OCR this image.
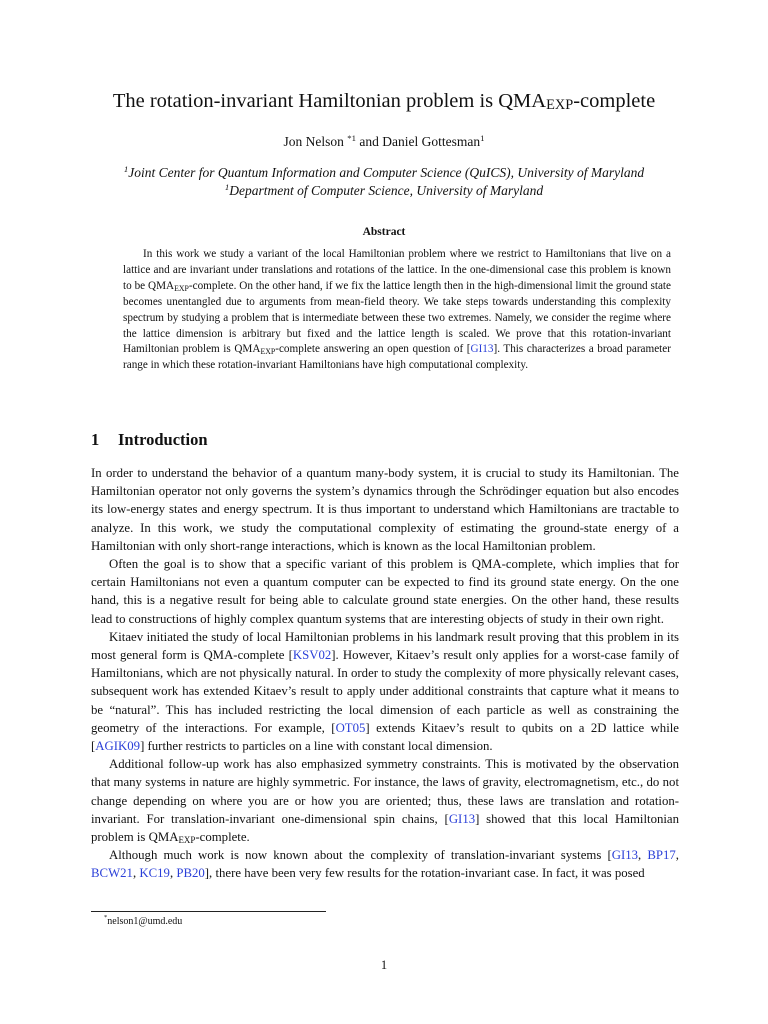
The rotation-invariant Hamiltonian problem is $QMA_{EXP}$-complete
Jon Nelson $^{*1}$ and Daniel Gottesman$^1$
$^1$Joint Center for Quantum Information and Computer Science (QuICS), University of Maryland
$^1$Department of Computer Science, University of Maryland
Abstract

In this work we study a variant of the local Hamiltonian problem where we restrict to Hamiltonians that live on a lattice and are invariant under translations and rotations of the lattice. In the one-dimensional case this problem is known to be $QMA_{EXP}$-complete. On the other hand, if we fix the lattice length then in the high-dimensional limit the ground state becomes unentangled due to arguments from mean-field theory. We take steps towards understanding this complexity spectrum by studying a problem that is intermediate between these two extremes. Namely, we consider the regime where the lattice dimension is arbitrary but fixed and the lattice length is scaled. We prove that this rotation-invariant Hamiltonian problem is $QMA_{EXP}$-complete answering an open question of [GI13]. This characterizes a broad parameter range in which these rotation-invariant Hamiltonians have high computational complexity.

1 Introduction

In order to understand the behavior of a quantum many-body system, it is crucial to study its Hamiltonian. The Hamiltonian operator not only governs the system’s dynamics through the Schrödinger equation but also encodes its low-energy states and energy spectrum. It is thus important to understand which Hamiltonians are tractable to analyze. In this work, we study the computational complexity of estimating the ground-state energy of a Hamiltonian with only short-range interactions, which is known as the local Hamiltonian problem.

Often the goal is to show that a specific variant of this problem is QMA-complete, which implies that for certain Hamiltonians not even a quantum computer can be expected to find its ground state energy. On the one hand, this is a negative result for being able to calculate ground state energies. On the other hand, these results lead to constructions of highly complex quantum systems that are interesting objects of study in their own right.

Kitaev initiated the study of local Hamiltonian problems in his landmark result proving that this problem in its most general form is QMA-complete [KSV02]. However, Kitaev’s result only applies for a worst-case family of Hamiltonians, which are not physically natural. In order to study the complexity of more physically relevant cases, subsequent work has extended Kitaev’s result to apply under additional constraints that capture what it means to be “natural”. This has included restricting the local dimension of each particle as well as constraining the geometry of the interactions. For example, [OT05] extends Kitaev’s result to qubits on a 2D lattice while [AGIK09] further restricts to particles on a line with constant local dimension.

Additional follow-up work has also emphasized symmetry constraints. This is motivated by the observation that many systems in nature are highly symmetric. For instance, the laws of gravity, electromagnetism, etc., do not change depending on where you are or how you are oriented; thus, these laws are translation and rotation-invariant. For translation-invariant one-dimensional spin chains, [GI13] showed that this local Hamiltonian problem is $QMA_{EXP}$-complete.

Although much work is now known about the complexity of translation-invariant systems [GI13, BP17, BCW21, KC19, PB20], there have been very few results for the rotation-invariant case. In fact, it was posed

*nelson1@umd.edu
1
